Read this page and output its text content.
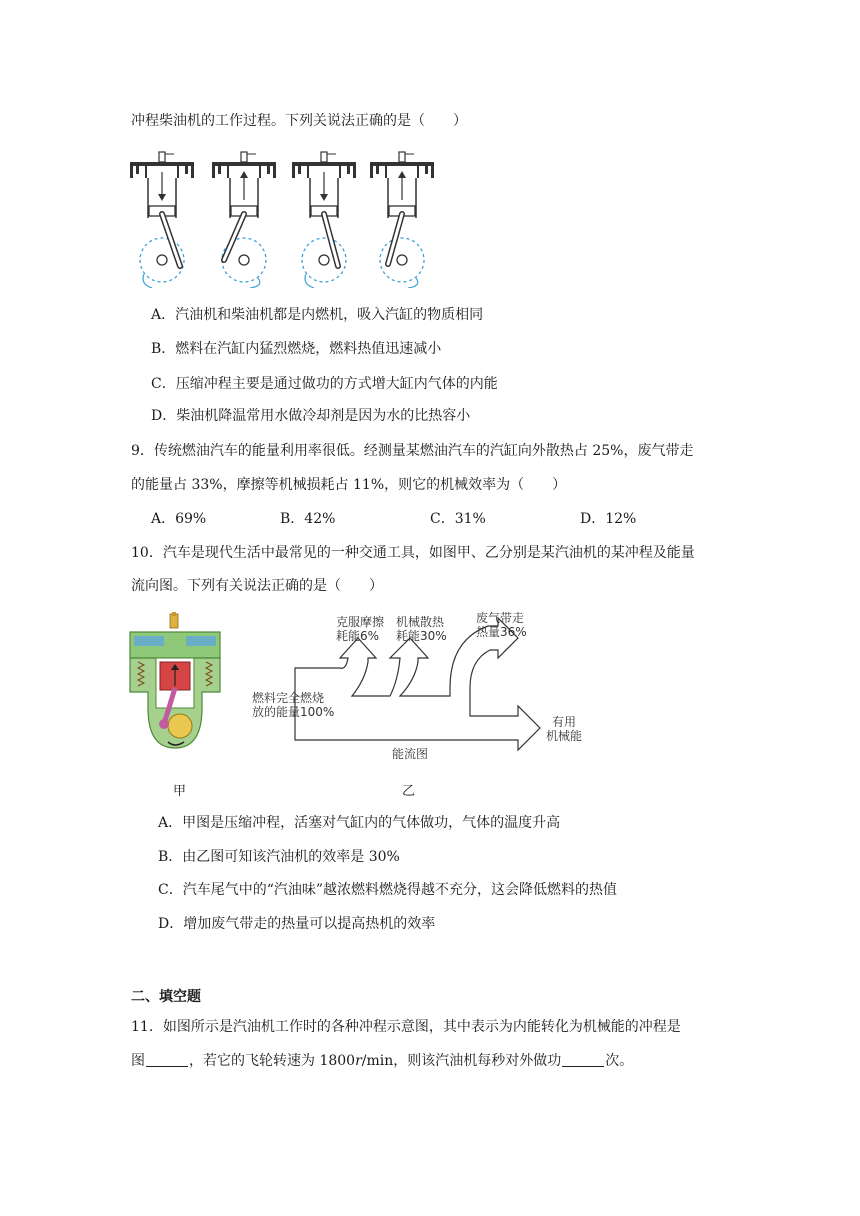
冲程柴油机的工作过程。下列关说法正确的是（　　）
A．汽油机和柴油机都是内燃机，吸入汽缸的物质相同
B．燃料在汽缸内猛烈燃烧，燃料热值迅速减小
C．压缩冲程主要是通过做功的方式增大缸内气体的内能
D．柴油机降温常用水做冷却剂是因为水的比热容小
9．传统燃油汽车的能量利用率很低。经测量某燃油汽车的汽缸向外散热占 25%，废气带走
的能量占 33%，摩擦等机械损耗占 11%，则它的机械效率为（　　）
A．69%	B．42%	C．31%	D．12%
10．汽车是现代生活中最常见的一种交通工具，如图甲、乙分别是某汽油机的某冲程及能量
流向图。下列有关说法正确的是（　　）
甲
克服摩擦
耗能6%
机械散热
耗能30%
废气带走
热量36%
燃料完全燃烧
放的能量100%
有用
机械能
能流图
乙
A．甲图是压缩冲程，活塞对气缸内的气体做功，气体的温度升高
B．由乙图可知该汽油机的效率是 30%
C．汽车尾气中的“汽油味”越浓燃料燃烧得越不充分，这会降低燃料的热值
D．增加废气带走的热量可以提高热机的效率
二、填空题
11．如图所示是汽油机工作时的各种冲程示意图，其中表示为内能转化为机械能的冲程是
图	，若它的飞轮转速为 1800r/min，则该汽油机每秒对外做功	次。
